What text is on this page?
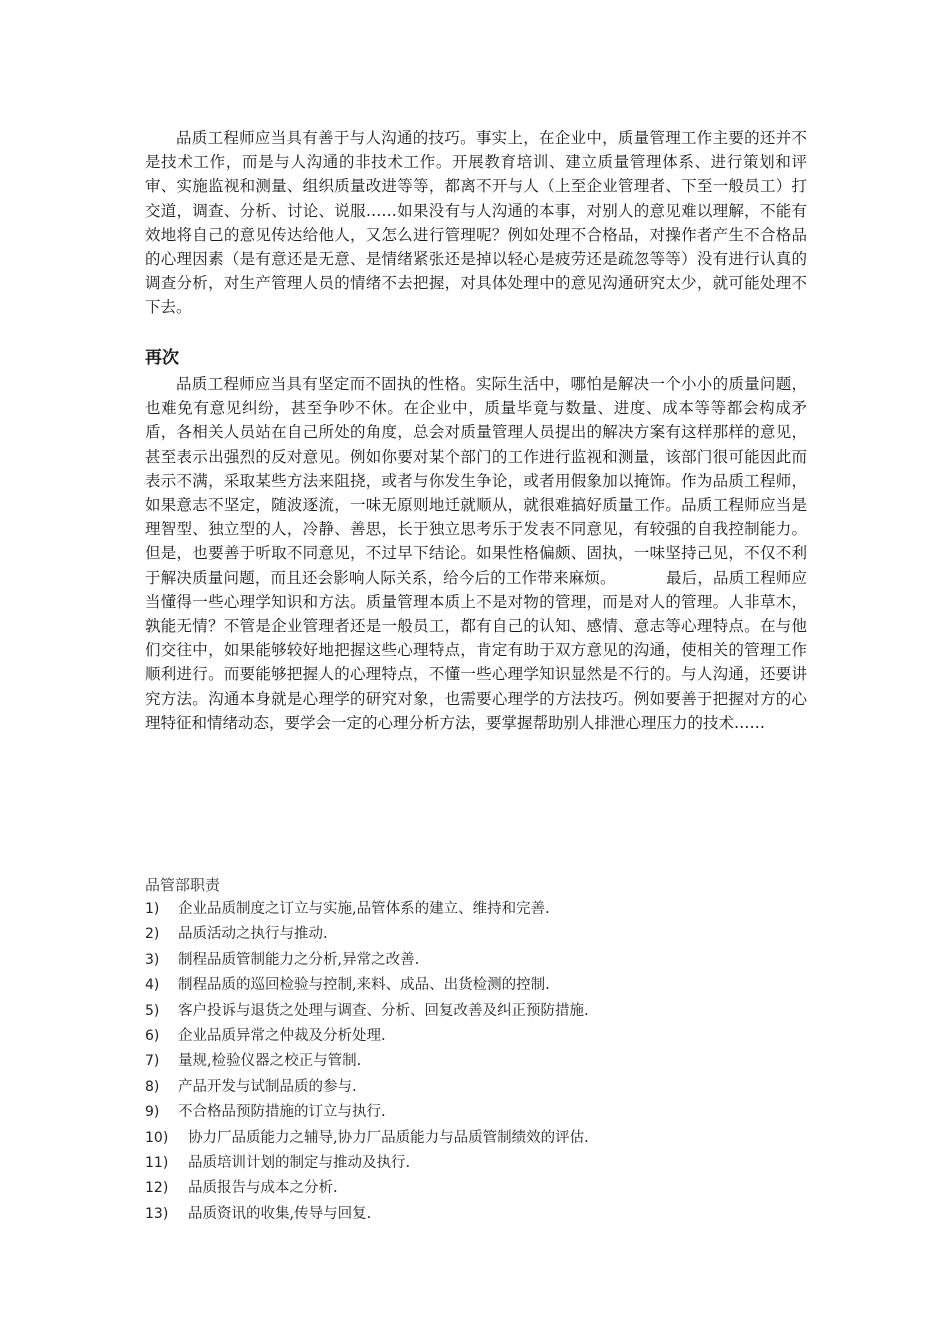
品质工程师应当具有善于与人沟通的技巧。事实上，在企业中，质量管理工作主要的还并不是技术工作，而是与人沟通的非技术工作。开展教育培训、建立质量管理体系、进行策划和评审、实施监视和测量、组织质量改进等等，都离不开与人（上至企业管理者、下至一般员工）打交道，调查、分析、讨论、说服……如果没有与人沟通的本事，对别人的意见难以理解，不能有效地将自己的意见传达给他人，又怎么进行管理呢？例如处理不合格品，对操作者产生不合格品的心理因素（是有意还是无意、是情绪紧张还是掉以轻心是疲劳还是疏忽等等）没有进行认真的调查分析，对生产管理人员的情绪不去把握，对具体处理中的意见沟通研究太少，就可能处理不下去。

再次

品质工程师应当具有坚定而不固执的性格。实际生活中，哪怕是解决一个小小的质量问题，也难免有意见纠纷，甚至争吵不休。在企业中，质量毕竟与数量、进度、成本等等都会构成矛盾，各相关人员站在自己所处的角度，总会对质量管理人员提出的解决方案有这样那样的意见，甚至表示出强烈的反对意见。例如你要对某个部门的工作进行监视和测量，该部门很可能因此而表示不满，采取某些方法来阻挠，或者与你发生争论，或者用假象加以掩饰。作为品质工程师，如果意志不坚定，随波逐流，一味无原则地迁就顺从，就很难搞好质量工作。品质工程师应当是理智型、独立型的人，冷静、善思，长于独立思考乐于发表不同意见，有较强的自我控制能力。但是，也要善于听取不同意见，不过早下结论。如果性格偏颇、固执，一味坚持己见，不仅不利于解决质量问题，而且还会影响人际关系，给今后的工作带来麻烦。	最后，品质工程师应当懂得一些心理学知识和方法。质量管理本质上不是对物的管理，而是对人的管理。人非草木，孰能无情？不管是企业管理者还是一般员工，都有自己的认知、感情、意志等心理特点。在与他们交往中，如果能够较好地把握这些心理特点，肯定有助于双方意见的沟通，使相关的管理工作顺利进行。而要能够把握人的心理特点，不懂一些心理学知识显然是不行的。与人沟通，还要讲究方法。沟通本身就是心理学的研究对象，也需要心理学的方法技巧。例如要善于把握对方的心理特征和情绪动态，要学会一定的心理分析方法，要掌握帮助别人排泄心理压力的技术……

品管部职责

1) 企业品质制度之订立与实施,品管体系的建立、维持和完善.
2) 品质活动之执行与推动.
3) 制程品质管制能力之分析,异常之改善.
4) 制程品质的巡回检验与控制,来料、成品、出货检测的控制.
5) 客户投诉与退货之处理与调查、分析、回复改善及纠正预防措施.
6) 企业品质异常之仲裁及分析处理.
7) 量规,检验仪器之校正与管制.
8) 产品开发与试制品质的参与.
9) 不合格品预防措施的订立与执行.
10) 协力厂品质能力之辅导,协力厂品质能力与品质管制绩效的评估.
11) 品质培训计划的制定与推动及执行.
12) 品质报告与成本之分析.
13) 品质资讯的收集,传导与回复.
